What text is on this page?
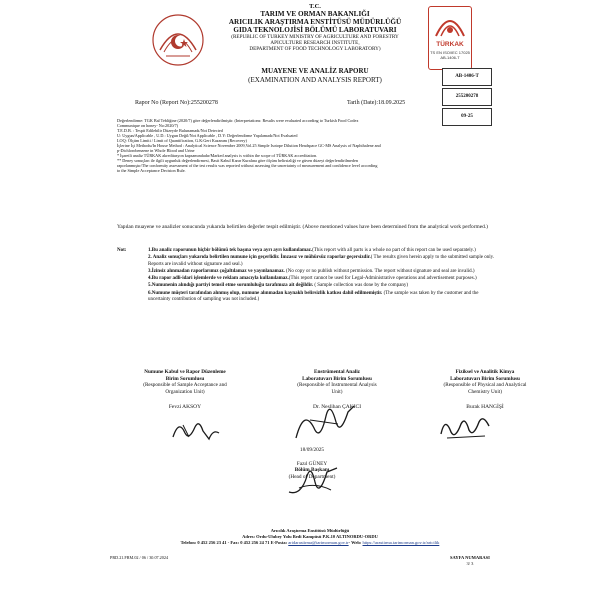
T.C.
TARIM VE ORMAN BAKANLIĞI
ARICILIK ARAŞTIRMA ENSTİTÜSÜ MÜDÜRLÜĞÜ
GIDA TEKNOLOJİSİ BÖLÜMÜ LABORATUVARI
(REPUBLIC OF TURKEY MINISTRY OF AGRICULTURE AND FORESTRY
APICULTURE RESEARCH INSTITUTE,
DEPARTMENT OF FOOD TECHNOLOGY LABORATORY)
TÜRKAK
TS EN ISO/IEC 17025
AB-1406-T
MUAYENE VE ANALİZ RAPORU
(EXAMINATION AND ANALYSIS REPORT)	AB-1406-T
255200278
09-25
Rapor No (Report No):255200278	Tarih (Date):18.09.2025
Değerlendirme: TGK Bal Tebliğine (2020/7) göre değerlendirilmiştir. (Interpretations: Results were evaluated according to Turkish Food Codex
Communique on honey- No:2020/7)
T.E.D.B. : Tespit Edilebilir Düzeyde Bulunamadı/Not Detected
U: Uygun/Applicable , U.D.: Uygun Değil/Not Applicable , D.Y: Değerlendirme Yapılamadı/Not Evaluated
LOQ: Ölçüm Limiti / Limit of Quantification, G.K:Geri Kazanım (Recovery)
İçlerine İçi Methodu/In House Method : Analytical Science November 2009,Vol.25 Simple Isotope Dilution Headspace GC-MS Analysis of Naphthalene and
p-Dichlorobenzene in Whole Blood and Urine
* İşaretli analiz TÜRKAK akreditasyon kapsamındadır/Marked analysis is within the scope of TÜRKAK accreditation.
** Deney sonuçları ile ilgili uygunluk değerlendirmesi, Basit Kabul Karar Kuralına göre ölçüm belirsizliği ve güven düzeyi değerlendirilmeden
raporlanmıştır/The conformity assessment of the test results was reported without assessing the uncertainty of measurement and confidence level according
to the Simple Acceptance Decision Rule.
Yapılan muayene ve analizler sonucunda yukarıda belirtilen değerler tespit edilmiştir. (Above mentioned values have been determined from the analytical work performed.)
Not:	1.Bu analiz raporunun hiçbir bölümü tek başına veya ayrı ayrı kullanılamaz.(This report with all parts is a whole no part of this report can be used separately.)
2. Analiz sonuçları yukarıda belirtilen numune için geçerlidir. İmzasız ve mühürsüz raporlar geçersizdir.( The results given herein apply to the submitted sample only. Reports are invalid without signature and seal.)
3.İzinsiz alınmadan raporlarımız çoğaltılamaz ve yayınlanamaz. (No copy or no publish without permission. The report without signature and seal are invalid.)
4.Bu rapor adli-idari işlemlerde ve reklam amacıyla kullanılamaz.(This report cannot be used for Legal-Administrative operations and advertisement purposes.)
5.Numunenin alındığı partiyi temsil etme sorumluluğu tarafımıza ait değildir. ( Sample collection was done by the company)
6.Numune müşteri tarafından alınmış olup, numune alınmadan kaynaklı belirsizlik katkısı dahil edilmemiştir. (The sample was taken by the customer and the uncertainty contribution of sampling was not included.)
Numune Kabul ve Rapor Düzenleme
Birim Sorumlusu
(Responsible of Sample Acceptance and
Organization Unit)
Fevzi AKSOY
Enstrümental Analiz
Laboratuvarı Birim Sorumlusu
(Responsible of Instrumental Analysis
Unit)
Dr. Neslihan ÇAKICI
Fiziksel ve Analitik Kimya
Laboratuvarı Birim Sorumlusu
(Responsible of Physical and Analytical
Chemistry Unit)
Burak HANGİŞİ
18/09/2025
Fazıl GÜNEY
Bölüm Başkanı
(Head of Department)
Arıcılık Araştırma Enstitüsü Müdürlüğü
Adres: Ordu-Ulubey Yolu Bedi Kampüsü P.K.10 ALTINORDU-ORDU
Telefon: 0 452 256 23 41 - Fax: 0 452 256 24 71 E-Posta: aridarastirma@tarimorman.gov.tr- Web: https://arastirma.tarimorman.gov.tr/aricilik
PRD.21.FRM.02 / 06 / 30.07.2024	SAYFA NUMARASI
3/ 3
